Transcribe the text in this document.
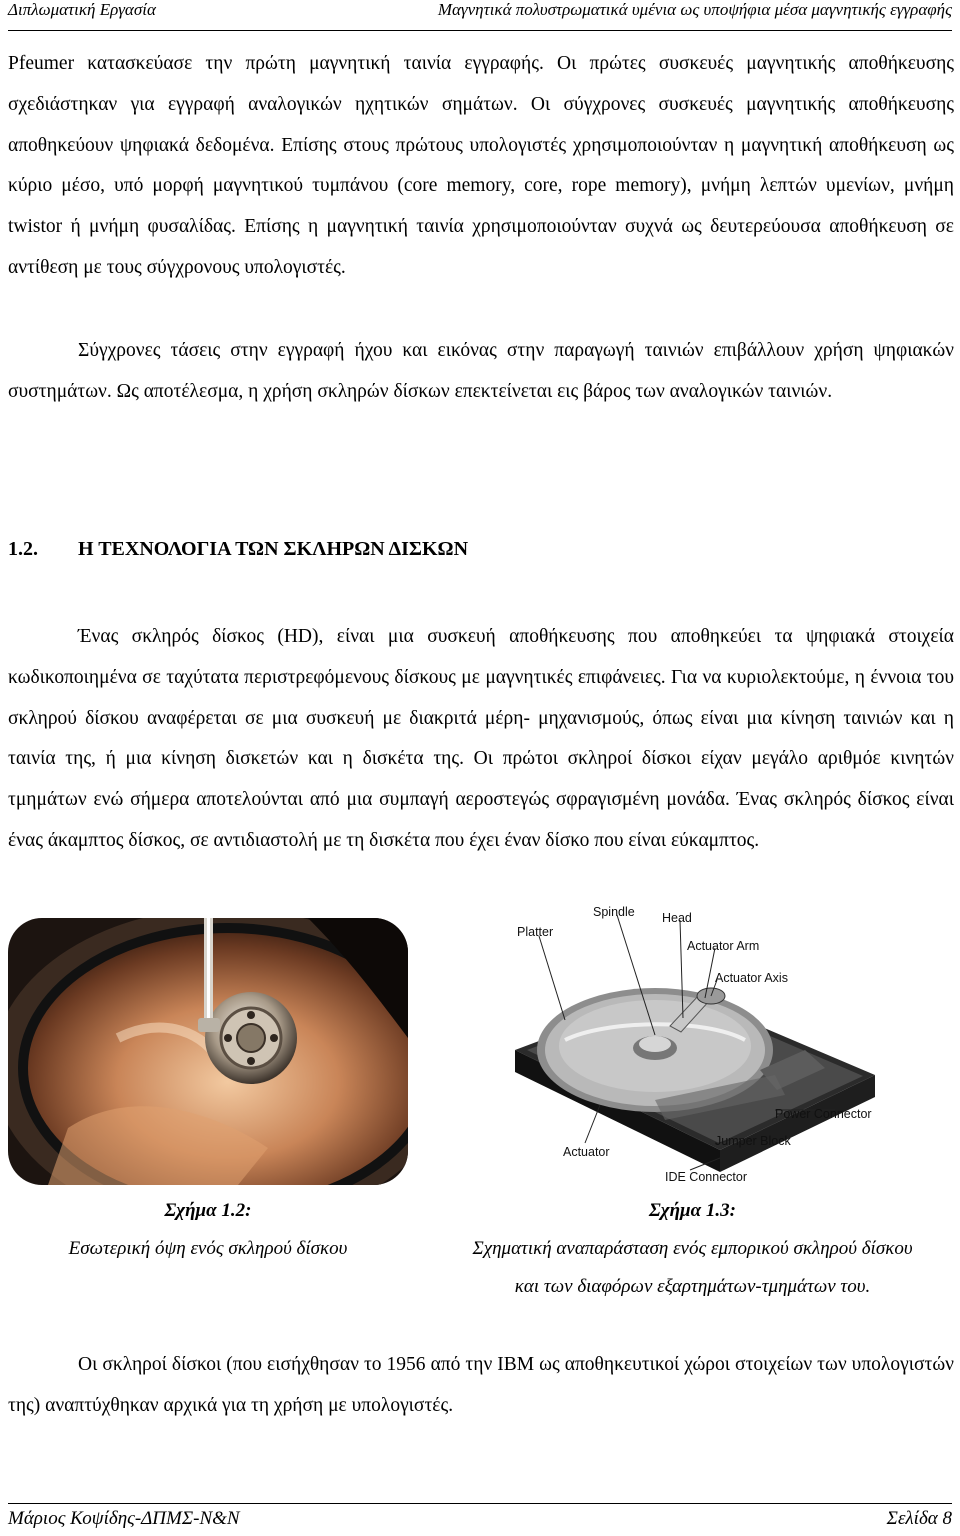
Διπλωματική Εργασία	Μαγνητικά πολυστρωματικά υμένια ως υποψήφια μέσα μαγνητικής εγγραφής

Pfeumer κατασκεύασε την πρώτη μαγνητική ταινία εγγραφής. Οι πρώτες συσκευές μαγνητικής αποθήκευσης σχεδιάστηκαν για εγγραφή αναλογικών ηχητικών σημάτων. Οι σύγχρονες συσκευές μαγνητικής αποθήκευσης αποθηκεύουν ψηφιακά δεδομένα. Επίσης στους πρώτους υπολογιστές χρησιμοποιούνταν η μαγνητική αποθήκευση ως κύριο μέσο, υπό μορφή μαγνητικού τυμπάνου (core memory, core, rope memory), μνήμη λεπτών υμενίων, μνήμη twistor ή μνήμη φυσαλίδας. Επίσης η μαγνητική ταινία χρησιμοποιούνταν συχνά ως δευτερεύουσα αποθήκευση σε αντίθεση με τους σύγχρονους υπολογιστές.

Σύγχρονες τάσεις στην εγγραφή ήχου και εικόνας στην παραγωγή ταινιών επιβάλλουν χρήση ψηφιακών συστημάτων. Ως αποτέλεσμα, η χρήση σκληρών δίσκων επεκτείνεται εις βάρος των αναλογικών ταινιών.

1.2.	Η ΤΕΧΝΟΛΟΓΙΑ ΤΩΝ ΣΚΛΗΡΩΝ ΔΙΣΚΩΝ

Ένας σκληρός δίσκος (HD), είναι μια συσκευή αποθήκευσης που αποθηκεύει τα ψηφιακά στοιχεία κωδικοποιημένα σε ταχύτατα περιστρεφόμενους δίσκους με μαγνητικές επιφάνειες. Για να κυριολεκτούμε, η έννοια του σκληρού δίσκου αναφέρεται σε μια συσκευή με διακριτά μέρη- μηχανισμούς, όπως είναι μια κίνηση ταινιών και η ταινία της, ή μια κίνηση δισκετών και η δισκέτα της. Οι πρώτοι σκληροί δίσκοι είχαν μεγάλο αριθμόε κινητών τμημάτων ενώ σήμερα αποτελούνται από μια συμπαγή αεροστεγώς σφραγισμένη μονάδα. Ένας σκληρός δίσκος είναι ένας άκαμπτος δίσκος, σε αντιδιαστολή με τη δισκέτα που έχει έναν δίσκο που είναι εύκαμπτος.

Spindle Head
Platter
Actuator Arm
Actuator Axis
Power Connector
Jumper Block
Actuator
IDE Connector
Σχήμα 1.2:
Εσωτερική όψη ενός σκληρού δίσκου
Σχήμα 1.3:
Σχηματική αναπαράσταση ενός εμπορικού σκληρού δίσκου
και των διαφόρων εξαρτημάτων-τμημάτων του.

Οι σκληροί δίσκοι (που εισήχθησαν το 1956 από την IBM ως αποθηκευτικοί χώροι στοιχείων των υπολογιστών της) αναπτύχθηκαν αρχικά για τη χρήση με υπολογιστές.

Μάριος Κοψίδης-ΔΠΜΣ-Ν&Ν	Σελίδα 8
